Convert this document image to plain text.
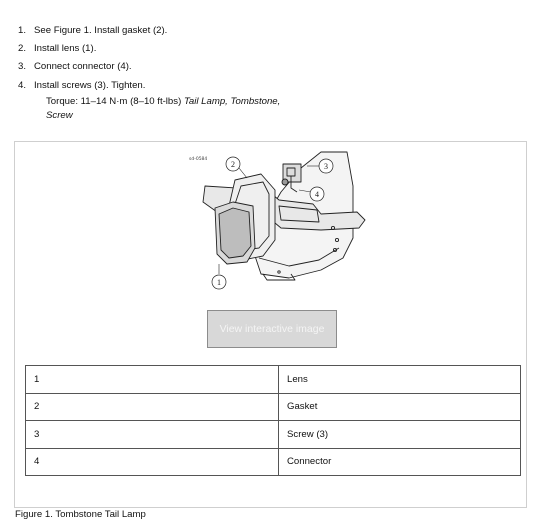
1. See Figure 1. Install gasket (2).
2. Install lens (1).
3. Connect connector (4).
4. Install screws (3). Tighten.
Torque: 11–14 N·m (8–10 ft-lbs) Tail Lamp, Tombstone,
Screw
sd-0584
2	3
4
1
View interactive image
1	Lens
2	Gasket
3	Screw (3)
4	Connector
Figure 1. Tombstone Tail Lamp
